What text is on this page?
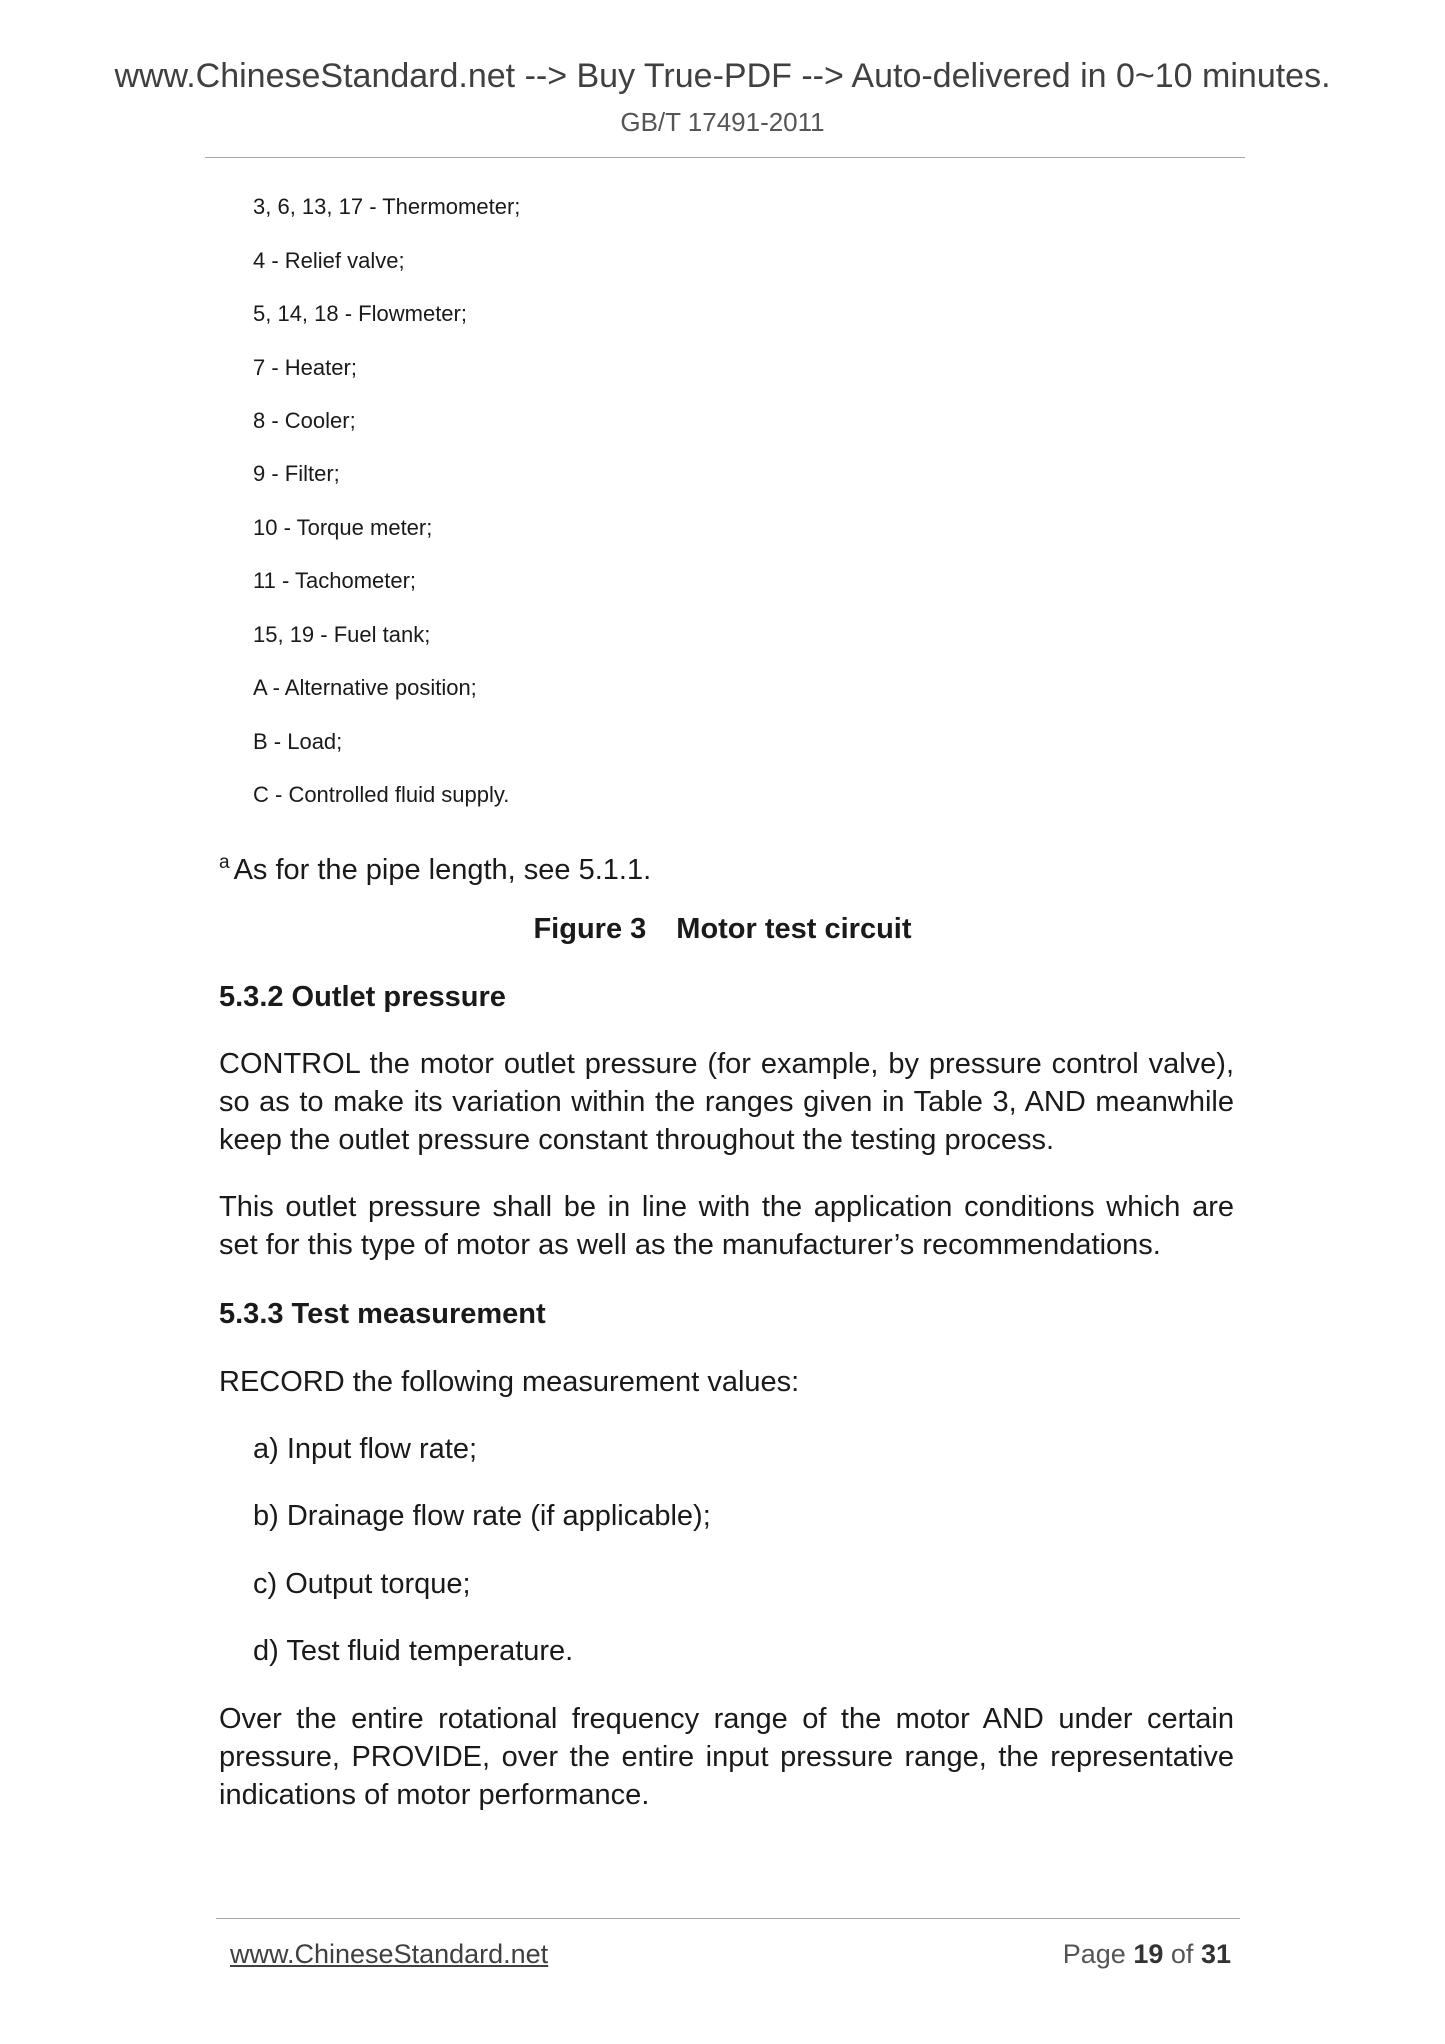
www.ChineseStandard.net --> Buy True-PDF --> Auto-delivered in 0~10 minutes.

GB/T 17491-2011

3, 6, 13, 17 - Thermometer;

4 - Relief valve;

5, 14, 18 - Flowmeter;

7 - Heater;

8 - Cooler;

9 - Filter;

10 - Torque meter;

11 - Tachometer;

15, 19 - Fuel tank;

A - Alternative position;

B - Load;

C - Controlled fluid supply.

$^a$ As for the pipe length, see 5.1.1.

Figure 3 Motor test circuit

5.3.2 Outlet pressure

CONTROL the motor outlet pressure (for example, by pressure control valve), so as to make its variation within the ranges given in Table 3, AND meanwhile keep the outlet pressure constant throughout the testing process.

This outlet pressure shall be in line with the application conditions which are set for this type of motor as well as the manufacturer’s recommendations.

5.3.3 Test measurement

RECORD the following measurement values:

a) Input flow rate;

b) Drainage flow rate (if applicable);

c) Output torque;

d) Test fluid temperature.

Over the entire rotational frequency range of the motor AND under certain pressure, PROVIDE, over the entire input pressure range, the representative indications of motor performance.

www.ChineseStandard.net	Page 19 of 31
